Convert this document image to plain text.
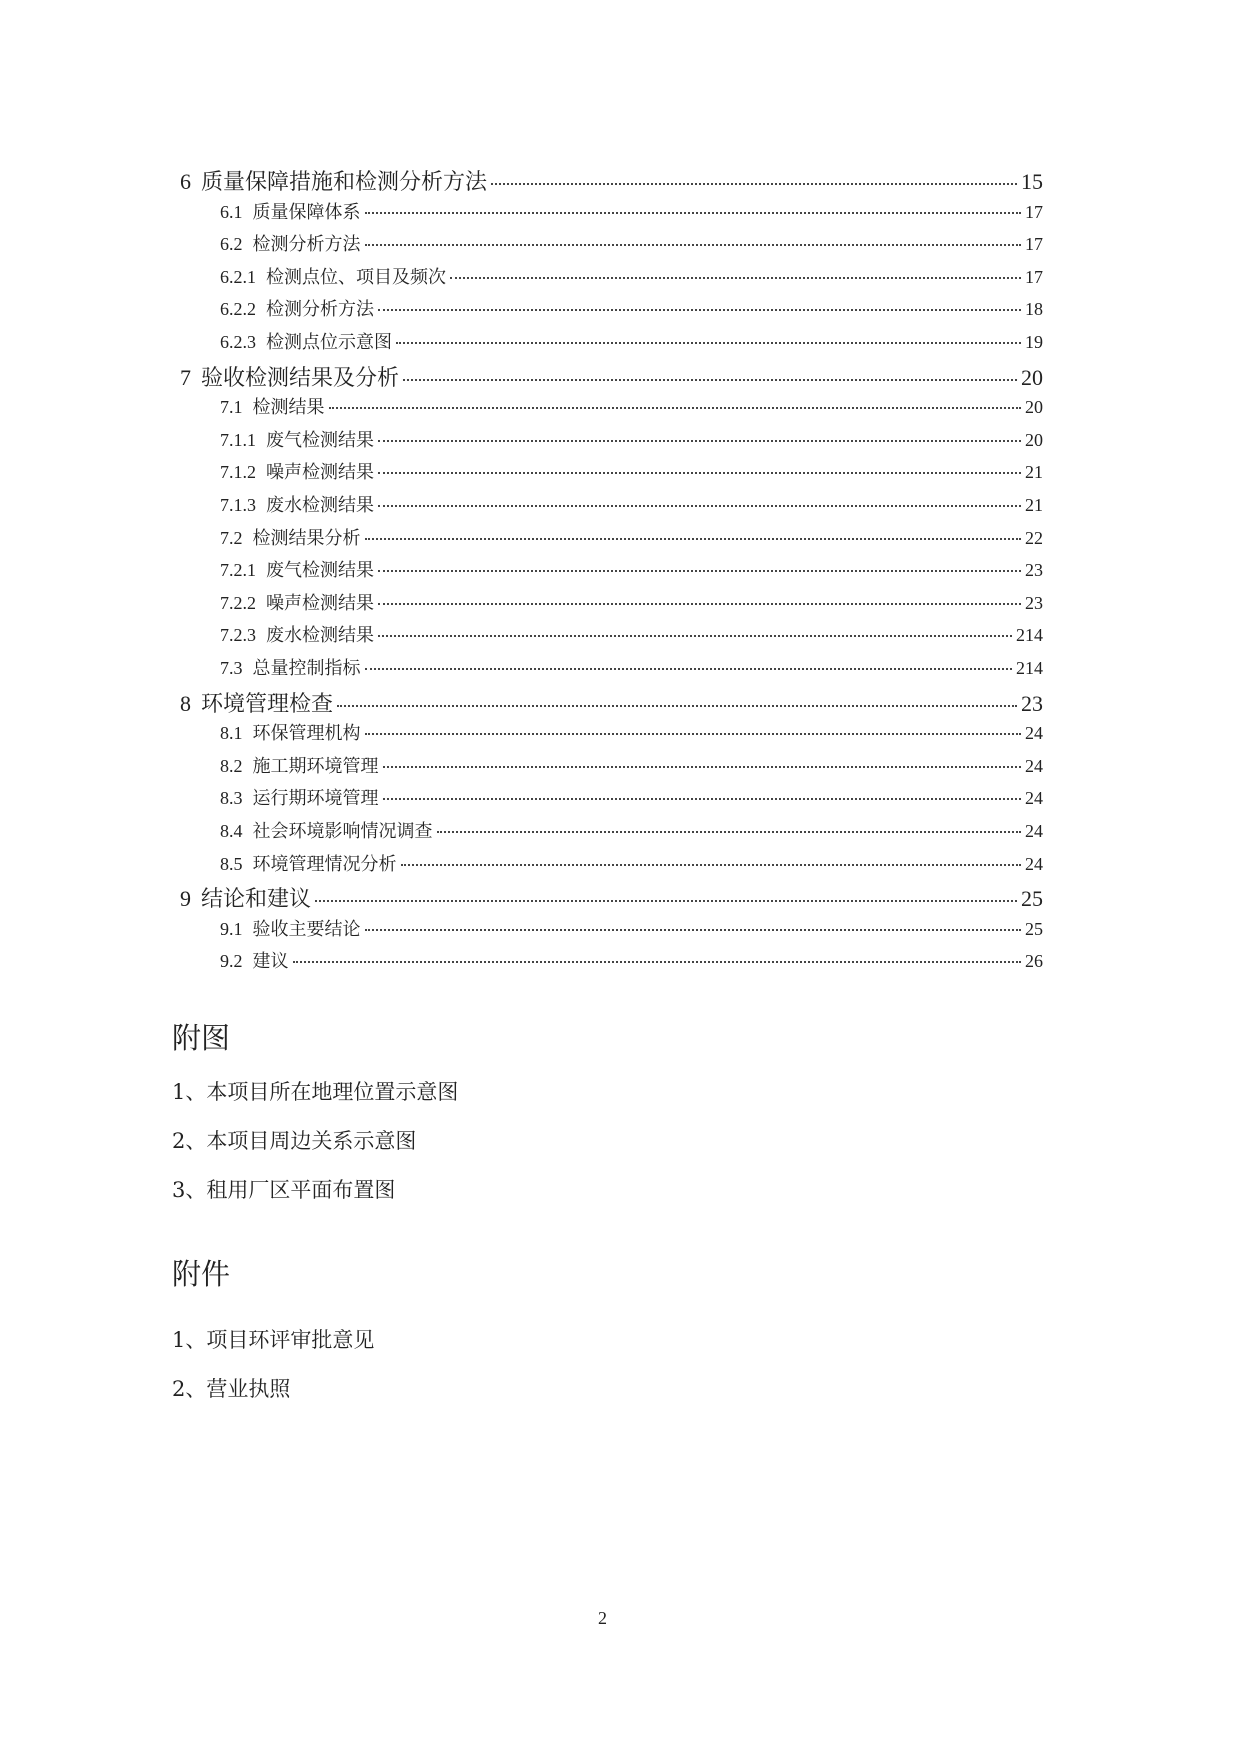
6 质量保障措施和检测分析方法	15
6.1 质量保障体系	17
6.2 检测分析方法	17
6.2.1 检测点位、项目及频次	17
6.2.2 检测分析方法	18
6.2.3 检测点位示意图	19
7 验收检测结果及分析	20
7.1 检测结果	20
7.1.1 废气检测结果	20
7.1.2 噪声检测结果	21
7.1.3 废水检测结果	21
7.2 检测结果分析	22
7.2.1 废气检测结果	23
7.2.2 噪声检测结果	23
7.2.3 废水检测结果	214
7.3 总量控制指标	214
8 环境管理检查	23
8.1 环保管理机构	24
8.2 施工期环境管理	24
8.3 运行期环境管理	24
8.4 社会环境影响情况调查	24
8.5 环境管理情况分析	24
9 结论和建议	25
9.1 验收主要结论	25
9.2 建议	26
附图
1、本项目所在地理位置示意图
2、本项目周边关系示意图
3、租用厂区平面布置图
附件
1、项目环评审批意见
2、营业执照
2
